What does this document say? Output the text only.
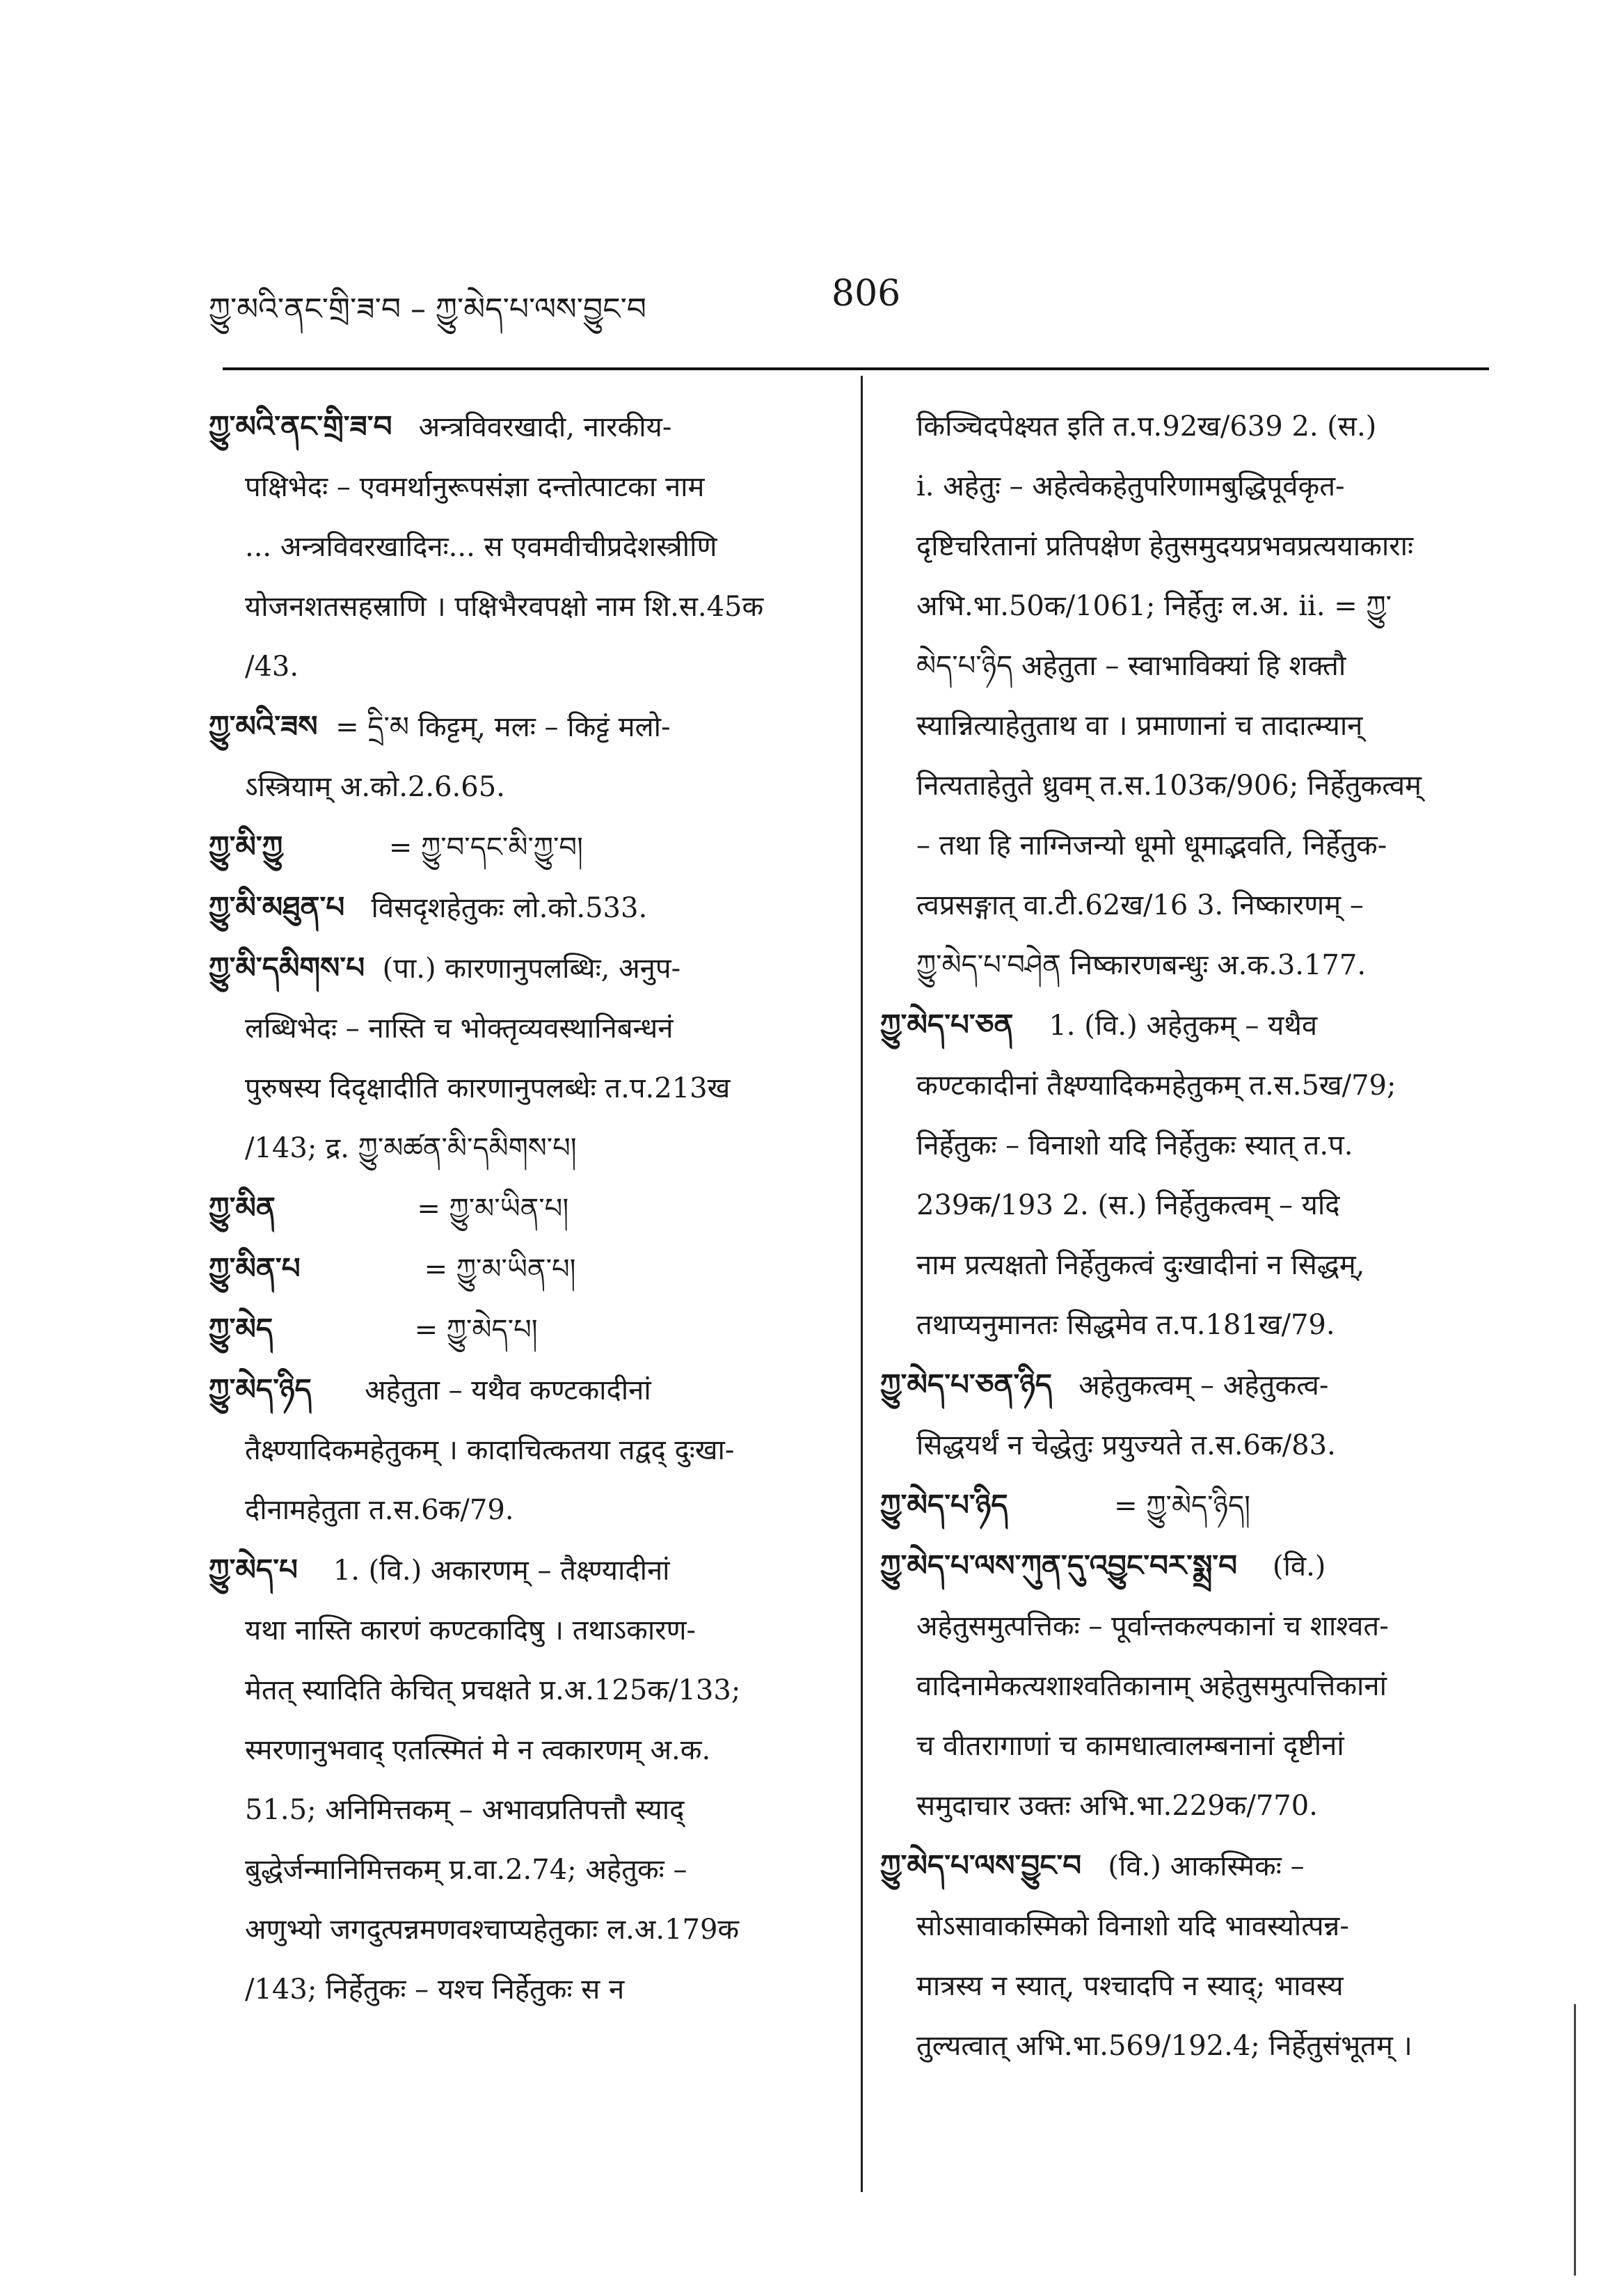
ཀྱུ་མའི་ནང་གྲི་ཟ་བ – ཀྱུ་མེད་པ་ལས་བྱུང་བ	806
ཀྱུ་མའི་ནང་གྲི་ཟ་བ अन्त्रविवरखादी, नारकीय-
पक्षिभेदः – एवमर्थानुरूपसंज्ञा दन्तोत्पाटका नाम
... अन्त्रविवरखादिनः... स एवमवीचीप्रदेशस्त्रीणि
योजनशतसहस्राणि । पक्षिभैरवपक्षो नाम शि.स.45क
/43.
ཀྱུ་མའི་ཟས = དྲི་མ किट्टम्, मलः – किट्टं मलो-
ऽस्त्रियाम् अ.को.2.6.65.
ཀྱུ་མི་ཀྱུ	= ཀྱུ་བ་དང་མི་ཀྱུ་བ།
ཀྱུ་མི་མཐུན་པ विसदृशहेतुकः लो.को.533.
ཀྱུ་མི་དམིགས་པ (पा.) कारणानुपलब्धिः, अनुप-
लब्धिभेदः – नास्ति च भोक्तृव्यवस्थानिबन्धनं
पुरुषस्य दिदृक्षादीति कारणानुपलब्धेः त.प.213ख
/143; द्र. ཀྱུ་མཚན་མི་དམིགས་པ།
ཀྱུ་མིན	= ཀྱུ་མ་ཡིན་པ།
ཀྱུ་མིན་པ	= ཀྱུ་མ་ཡིན་པ།
ཀྱུ་མེད	= ཀྱུ་མེད་པ།
ཀྱུ་མེད་ཉིད अहेतुता – यथैव कण्टकादीनां
तैक्ष्ण्यादिकमहेतुकम् । कादाचित्कतया तद्वद् दुःखा-
दीनामहेतुता त.स.6क/79.
ཀྱུ་མེད་པ 1. (वि.) अकारणम् – तैक्ष्ण्यादीनां
यथा नास्ति कारणं कण्टकादिषु । तथाऽकारण-
मेतत् स्यादिति केचित् प्रचक्षते प्र.अ.125क/133;
स्मरणानुभवाद् एतत्स्मितं मे न त्वकारणम् अ.क.
51.5; अनिमित्तकम् – अभावप्रतिपत्तौ स्याद्
बुद्धेर्जन्मानिमित्तकम् प्र.वा.2.74; अहेतुकः –
अणुभ्यो जगदुत्पन्नमणवश्चाप्यहेतुकाः ल.अ.179क
/143; निर्हेतुकः – यश्च निर्हेतुकः स न
किञ्चिदपेक्ष्यत इति त.प.92ख/639 2. (स.)
i. अहेतुः – अहेत्वेकहेतुपरिणामबुद्धिपूर्वकृत-
दृष्टिचरितानां प्रतिपक्षेण हेतुसमुदयप्रभवप्रत्ययाकाराः
अभि.भा.50क/1061; निर्हेतुः ल.अ. ii. = ཀྱུ་
མེད་པ་ཉིད अहेतुता – स्वाभाविक्यां हि शक्तौ
स्यान्नित्याहेतुताथ वा । प्रमाणानां च तादात्म्यान्
नित्यताहेतुते ध्रुवम् त.स.103क/906; निर्हेतुकत्वम्
– तथा हि नाग्निजन्यो धूमो धूमाद्भवति, निर्हेतुक-
त्वप्रसङ्गात् वा.टी.62ख/16 3. निष्कारणम् –
ཀྱུ་མེད་པ་བཤེན निष्कारणबन्धुः अ.क.3.177.
ཀྱུ་མེད་པ་ཅན 1. (वि.) अहेतुकम् – यथैव
कण्टकादीनां तैक्ष्ण्यादिकमहेतुकम् त.स.5ख/79;
निर्हेतुकः – विनाशो यदि निर्हेतुकः स्यात् त.प.
239क/193 2. (स.) निर्हेतुकत्वम् – यदि
नाम प्रत्यक्षतो निर्हेतुकत्वं दुःखादीनां न सिद्धम्,
तथाप्यनुमानतः सिद्धमेव त.प.181ख/79.
ཀྱུ་མེད་པ་ཅན་ཉིད अहेतुकत्वम् – अहेतुकत्व-
सिद्धयर्थं न चेद्धेतुः प्रयुज्यते त.स.6क/83.
ཀྱུ་མེད་པ་ཉིད	= ཀྱུ་མེད་ཉིད།
ཀྱུ་མེད་པ་ལས་ཀུན་དུ་འབྱུང་བར་སྨྲ་བ (वि.)
अहेतुसमुत्पत्तिकः – पूर्वान्तकल्पकानां च शाश्वत-
वादिनामेकत्यशाश्वतिकानाम् अहेतुसमुत्पत्तिकानां
च वीतरागाणां च कामधात्वालम्बनानां दृष्टीनां
समुदाचार उक्तः अभि.भा.229क/770.
ཀྱུ་མེད་པ་ལས་བྱུང་བ (वि.) आकस्मिकः –
सोऽसावाकस्मिको विनाशो यदि भावस्योत्पन्न-
मात्रस्य न स्यात्, पश्चादपि न स्याद्; भावस्य
तुल्यत्वात् अभि.भा.569/192.4; निर्हेतुसंभूतम् ।
